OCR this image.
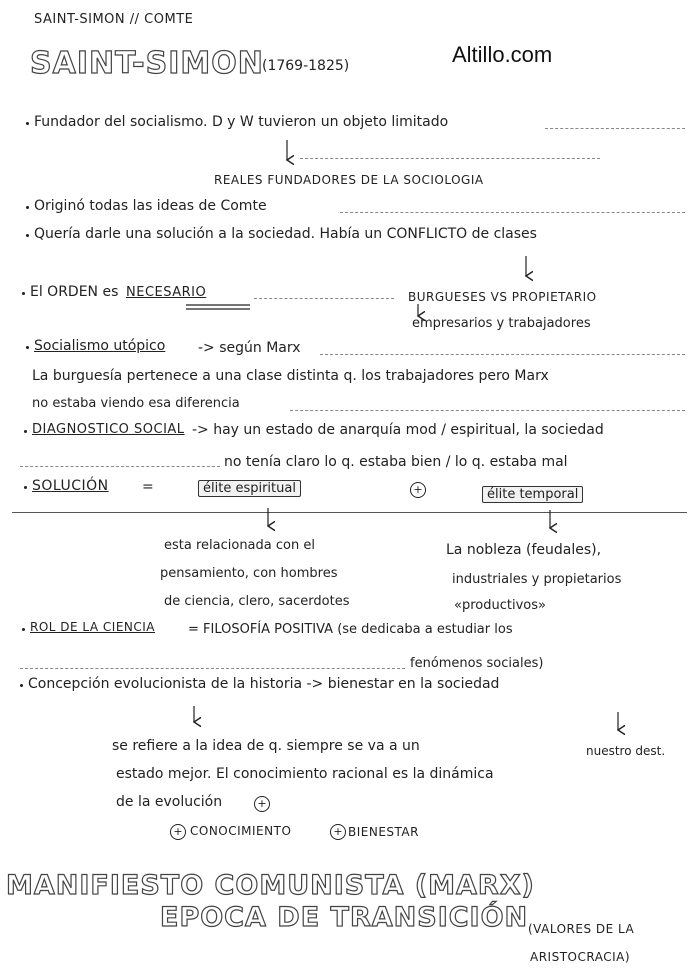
SAINT-SIMON // COMTE
SAINT-SIMON
(1769-1825)	Altillo.com
Fundador del socialismo. D y W tuvieron un objeto limitado
REALES FUNDADORES DE LA SOCIOLOGIA
Originó todas las ideas de Comte
Quería darle una solución a la sociedad. Había un CONFLICTO de clases
El ORDEN es NECESARIO	BURGUESES VS PROPIETARIO
empresarios y trabajadores
Socialismo utópico -> según Marx
La burguesía pertenece a una clase distinta q. los trabajadores pero Marx
no estaba viendo esa diferencia
DIAGNOSTICO SOCIAL -> hay un estado de anarquía mod / espiritual, la sociedad
no tenía claro lo q. estaba bien / lo q. estaba mal
SOLUCIÓN =	élite espiritual	+	élite temporal
esta relacionada con el	La nobleza (feudales),
pensamiento, con hombres	industriales y propietarios
de ciencia, clero, sacerdotes	«productivos»
ROL DE LA CIENCIA	= FILOSOFÍA POSITIVA (se dedicaba a estudiar los
fenómenos sociales)
Concepción evolucionista de la historia -> bienestar en la sociedad
se refiere a la idea de q. siempre se va a un	nuestro dest.
estado mejor. El conocimiento racional es la dinámica
de la evolución	+
+ CONOCIMIENTO	+ BIENESTAR
MANIFIESTO COMUNISTA (MARX)
EPOCA DE TRANSICIÓN (VALORES DE LA
ARISTOCRACIA)
